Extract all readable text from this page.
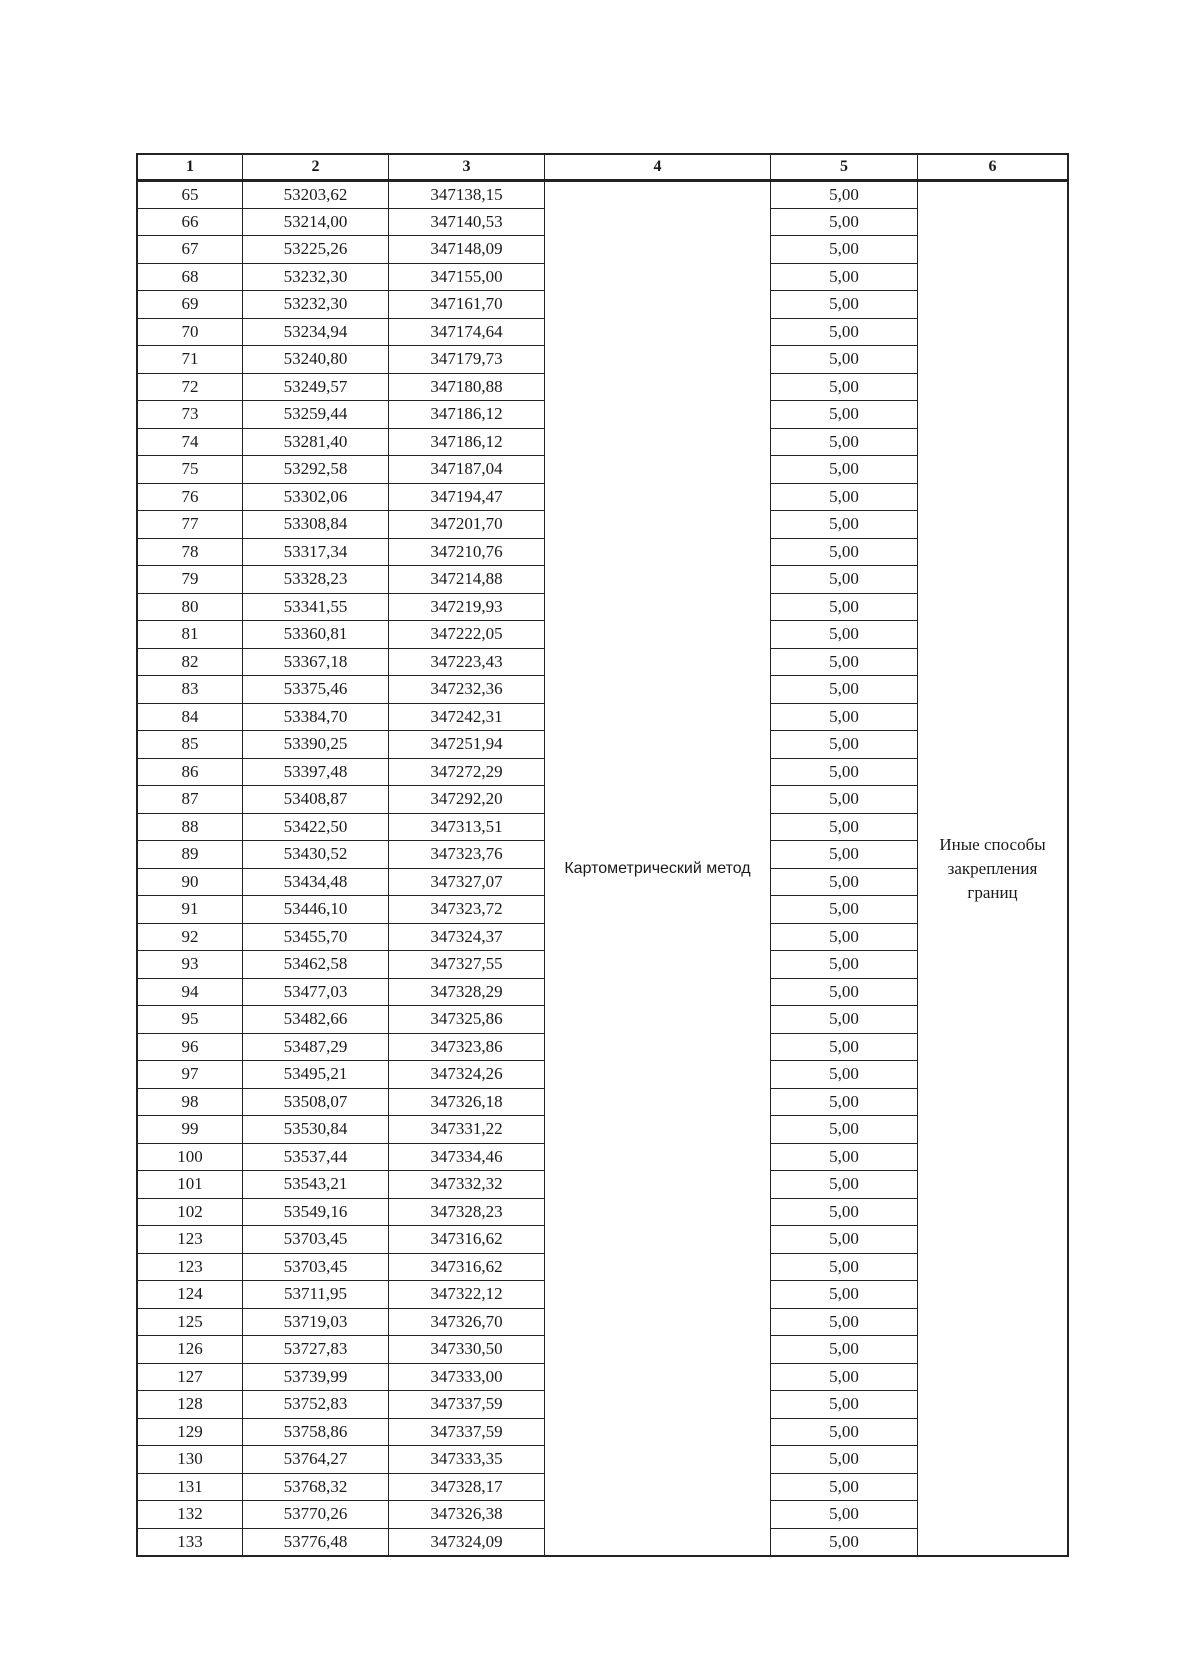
1	2	3	4	5	6
65	53203,62	347138,15	Картометрический метод	5,00	Иные способы
закрепления
границ

66	53214,00	347140,53		5,00	
67	53225,26	347148,09		5,00	
68	53232,30	347155,00		5,00	
69	53232,30	347161,70		5,00	
70	53234,94	347174,64		5,00	
71	53240,80	347179,73		5,00	
72	53249,57	347180,88		5,00	
73	53259,44	347186,12		5,00	
74	53281,40	347186,12		5,00	
75	53292,58	347187,04		5,00	
76	53302,06	347194,47		5,00	
77	53308,84	347201,70		5,00	
78	53317,34	347210,76		5,00	
79	53328,23	347214,88		5,00	
80	53341,55	347219,93		5,00	
81	53360,81	347222,05		5,00	
82	53367,18	347223,43		5,00	
83	53375,46	347232,36		5,00	
84	53384,70	347242,31		5,00	
85	53390,25	347251,94		5,00	
86	53397,48	347272,29		5,00	
87	53408,87	347292,20		5,00	
88	53422,50	347313,51		5,00	
89	53430,52	347323,76		5,00	
90	53434,48	347327,07		5,00	
91	53446,10	347323,72		5,00	
92	53455,70	347324,37		5,00	
93	53462,58	347327,55		5,00	
94	53477,03	347328,29		5,00	
95	53482,66	347325,86		5,00	
96	53487,29	347323,86		5,00	
97	53495,21	347324,26		5,00	
98	53508,07	347326,18		5,00	
99	53530,84	347331,22		5,00	
100	53537,44	347334,46		5,00	
101	53543,21	347332,32		5,00	
102	53549,16	347328,23		5,00	
123	53703,45	347316,62		5,00	
123	53703,45	347316,62		5,00	
124	53711,95	347322,12		5,00	
125	53719,03	347326,70		5,00	
126	53727,83	347330,50		5,00	
127	53739,99	347333,00		5,00	
128	53752,83	347337,59		5,00	
129	53758,86	347337,59		5,00	
130	53764,27	347333,35		5,00	
131	53768,32	347328,17		5,00	
132	53770,26	347326,38		5,00	
133	53776,48	347324,09		5,00	
